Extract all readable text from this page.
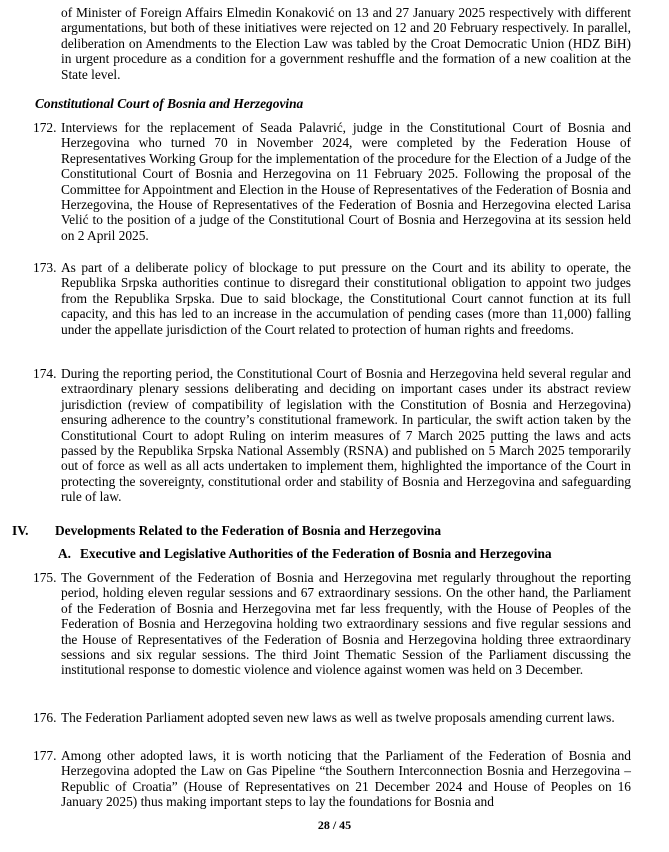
of Minister of Foreign Affairs Elmedin Konaković on 13 and 27 January 2025 respectively with different argumentations, but both of these initiatives were rejected on 12 and 20 February respectively. In parallel, deliberation on Amendments to the Election Law was tabled by the Croat Democratic Union (HDZ BiH) in urgent procedure as a condition for a government reshuffle and the formation of a new coalition at the State level.
Constitutional Court of Bosnia and Herzegovina
172. Interviews for the replacement of Seada Palavrić, judge in the Constitutional Court of Bosnia and Herzegovina who turned 70 in November 2024, were completed by the Federation House of Representatives Working Group for the implementation of the procedure for the Election of a Judge of the Constitutional Court of Bosnia and Herzegovina on 11 February 2025. Following the proposal of the Committee for Appointment and Election in the House of Representatives of the Federation of Bosnia and Herzegovina, the House of Representatives of the Federation of Bosnia and Herzegovina elected Larisa Velić to the position of a judge of the Constitutional Court of Bosnia and Herzegovina at its session held on 2 April 2025.
173. As part of a deliberate policy of blockage to put pressure on the Court and its ability to operate, the Republika Srpska authorities continue to disregard their constitutional obligation to appoint two judges from the Republika Srpska. Due to said blockage, the Constitutional Court cannot function at its full capacity, and this has led to an increase in the accumulation of pending cases (more than 11,000) falling under the appellate jurisdiction of the Court related to protection of human rights and freedoms.
174. During the reporting period, the Constitutional Court of Bosnia and Herzegovina held several regular and extraordinary plenary sessions deliberating and deciding on important cases under its abstract review jurisdiction (review of compatibility of legislation with the Constitution of Bosnia and Herzegovina) ensuring adherence to the country’s constitutional framework. In particular, the swift action taken by the Constitutional Court to adopt Ruling on interim measures of 7 March 2025 putting the laws and acts passed by the Republika Srpska National Assembly (RSNA) and published on 5 March 2025 temporarily out of force as well as all acts undertaken to implement them, highlighted the importance of the Court in protecting the sovereignty, constitutional order and stability of Bosnia and Herzegovina and safeguarding rule of law.
IV. Developments Related to the Federation of Bosnia and Herzegovina
A. Executive and Legislative Authorities of the Federation of Bosnia and Herzegovina
175. The Government of the Federation of Bosnia and Herzegovina met regularly throughout the reporting period, holding eleven regular sessions and 67 extraordinary sessions. On the other hand, the Parliament of the Federation of Bosnia and Herzegovina met far less frequently, with the House of Peoples of the Federation of Bosnia and Herzegovina holding two extraordinary sessions and five regular sessions and the House of Representatives of the Federation of Bosnia and Herzegovina holding three extraordinary sessions and six regular sessions. The third Joint Thematic Session of the Parliament discussing the institutional response to domestic violence and violence against women was held on 3 December.
176. The Federation Parliament adopted seven new laws as well as twelve proposals amending current laws.
177. Among other adopted laws, it is worth noticing that the Parliament of the Federation of Bosnia and Herzegovina adopted the Law on Gas Pipeline “the Southern Interconnection Bosnia and Herzegovina – Republic of Croatia” (House of Representatives on 21 December 2024 and House of Peoples on 16 January 2025) thus making important steps to lay the foundations for Bosnia and
28 / 45
